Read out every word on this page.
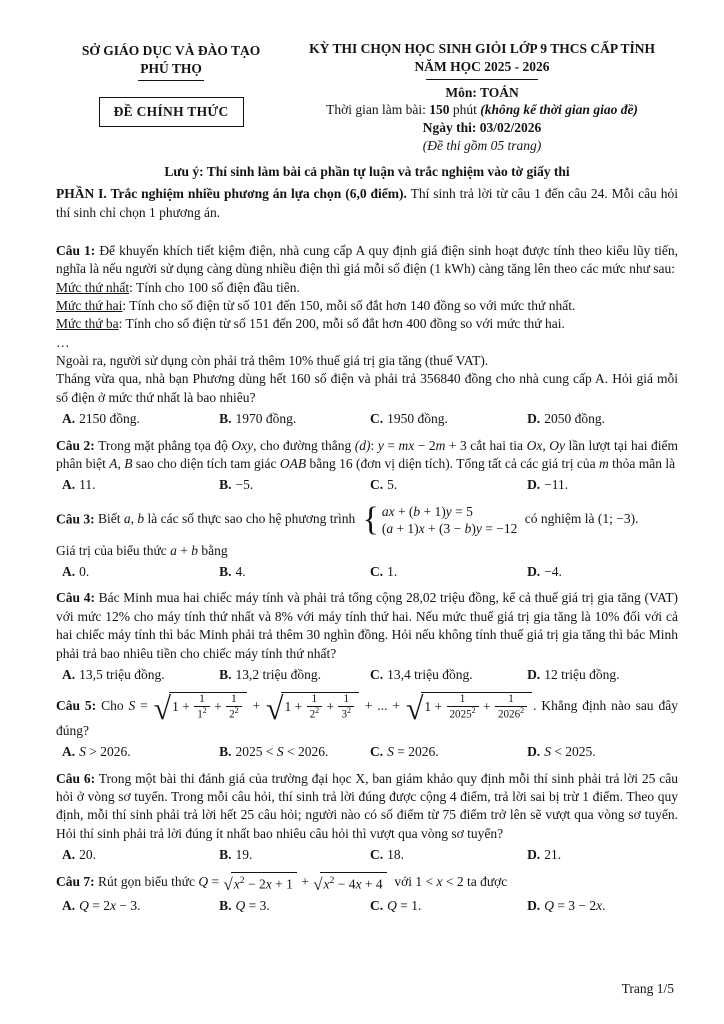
SỞ GIÁO DỤC VÀ ĐÀO TẠO
PHÚ THỌ
ĐỀ CHÍNH THỨC
KỲ THI CHỌN HỌC SINH GIỎI LỚP 9 THCS CẤP TỈNH
NĂM HỌC 2025 - 2026
Môn: TOÁN
Thời gian làm bài: 150 phút (không kể thời gian giao đề)
Ngày thi: 03/02/2026
(Đề thi gồm 05 trang)
Lưu ý: Thí sinh làm bài cả phần tự luận và trắc nghiệm vào tờ giấy thi

PHẦN I. Trắc nghiệm nhiều phương án lựa chọn (6,0 điểm). Thí sinh trả lời từ câu 1 đến câu 24. Mỗi câu hỏi thí sinh chỉ chọn 1 phương án.

Câu 1: Để khuyến khích tiết kiệm điện, nhà cung cấp A quy định giá điện sinh hoạt được tính theo kiểu lũy tiến, nghĩa là nếu người sử dụng càng dùng nhiều điện thì giá mỗi số điện (1 kWh) càng tăng lên theo các mức như sau:
Mức thứ nhất: Tính cho 100 số điện đầu tiên.
Mức thứ hai: Tính cho số điện từ số 101 đến 150, mỗi số đắt hơn 140 đồng so với mức thứ nhất.
Mức thứ ba: Tính cho số điện từ số 151 đến 200, mỗi số đắt hơn 400 đồng so với mức thứ hai.
…
Ngoài ra, người sử dụng còn phải trả thêm 10% thuế giá trị gia tăng (thuế VAT).
Tháng vừa qua, nhà bạn Phương dùng hết 160 số điện và phải trả 356840 đồng cho nhà cung cấp A. Hỏi giá mỗi số điện ở mức thứ nhất là bao nhiêu?

A. 2150 đồng.	B. 1970 đồng.	C. 1950 đồng.	D. 2050 đồng.

Câu 2: Trong mặt phẳng tọa độ Oxy, cho đường thẳng (d): y = mx − 2m + 3 cắt hai tia Ox, Oy lần lượt tại hai điểm phân biệt A, B sao cho diện tích tam giác OAB bằng 16 (đơn vị diện tích). Tổng tất cả các giá trị của m thỏa mãn là

A. 11.	B. −5.	C. 5.	D. −11.

Câu 3: Biết a, b là các số thực sao cho hệ phương trình { ax + (b + 1)y = 5
(a + 1)x + (3 − b)y = −12
có nghiệm là (1; −3).

Giá trị của biểu thức a + b bằng

A. 0.	B. 4.	C. 1.	D. −4.

Câu 4: Bác Minh mua hai chiếc máy tính và phải trả tổng cộng 28,02 triệu đồng, kể cả thuế giá trị gia tăng (VAT) với mức 12% cho máy tính thứ nhất và 8% với máy tính thứ hai. Nếu mức thuế giá trị gia tăng là 10% đối với cả hai chiếc máy tính thì bác Minh phải trả thêm 30 nghìn đồng. Hỏi nếu không tính thuế giá trị gia tăng thì bác Minh phải trả bao nhiêu tiền cho chiếc máy tính thứ nhất?

A. 13,5 triệu đồng.	B. 13,2 triệu đồng.	C. 13,4 triệu đồng.	D. 12 triệu đồng.

Câu 5: Cho S = √ $1 + \frac{1}{1^2} + \frac{1}{2^2}$ + √ $1 + \frac{1}{2^2} + \frac{1}{3^2}$ + ... + √ $1 + \frac{1}{2025^2} + \frac{1}{2026^2}$ . Khẳng định nào sau đây đúng?

A. S > 2026.	B. 2025 < S < 2026.	C. S = 2026.	D. S < 2025.

Câu 6: Trong một bài thi đánh giá của trường đại học X, ban giám khảo quy định mỗi thí sinh phải trả lời 25 câu hỏi ở vòng sơ tuyển. Trong mỗi câu hỏi, thí sinh trả lời đúng được cộng 4 điểm, trả lời sai bị trừ 1 điểm. Theo quy định, mỗi thí sinh phải trả lời hết 25 câu hỏi; người nào có số điểm từ 75 điểm trở lên sẽ vượt qua vòng sơ tuyển. Hỏi thí sinh phải trả lời đúng ít nhất bao nhiêu câu hỏi thì vượt qua vòng sơ tuyển?

A. 20.	B. 19.	C. 18.	D. 21.

Câu 7: Rút gọn biểu thức Q = √ $x^2 - 2x + 1$ + √ $x^2 - 4x + 4$ với 1 < x < 2 ta được

A. Q = 2x − 3.	B. Q = 3.	C. Q = 1.	D. Q = 3 − 2x.
Trang 1/5
